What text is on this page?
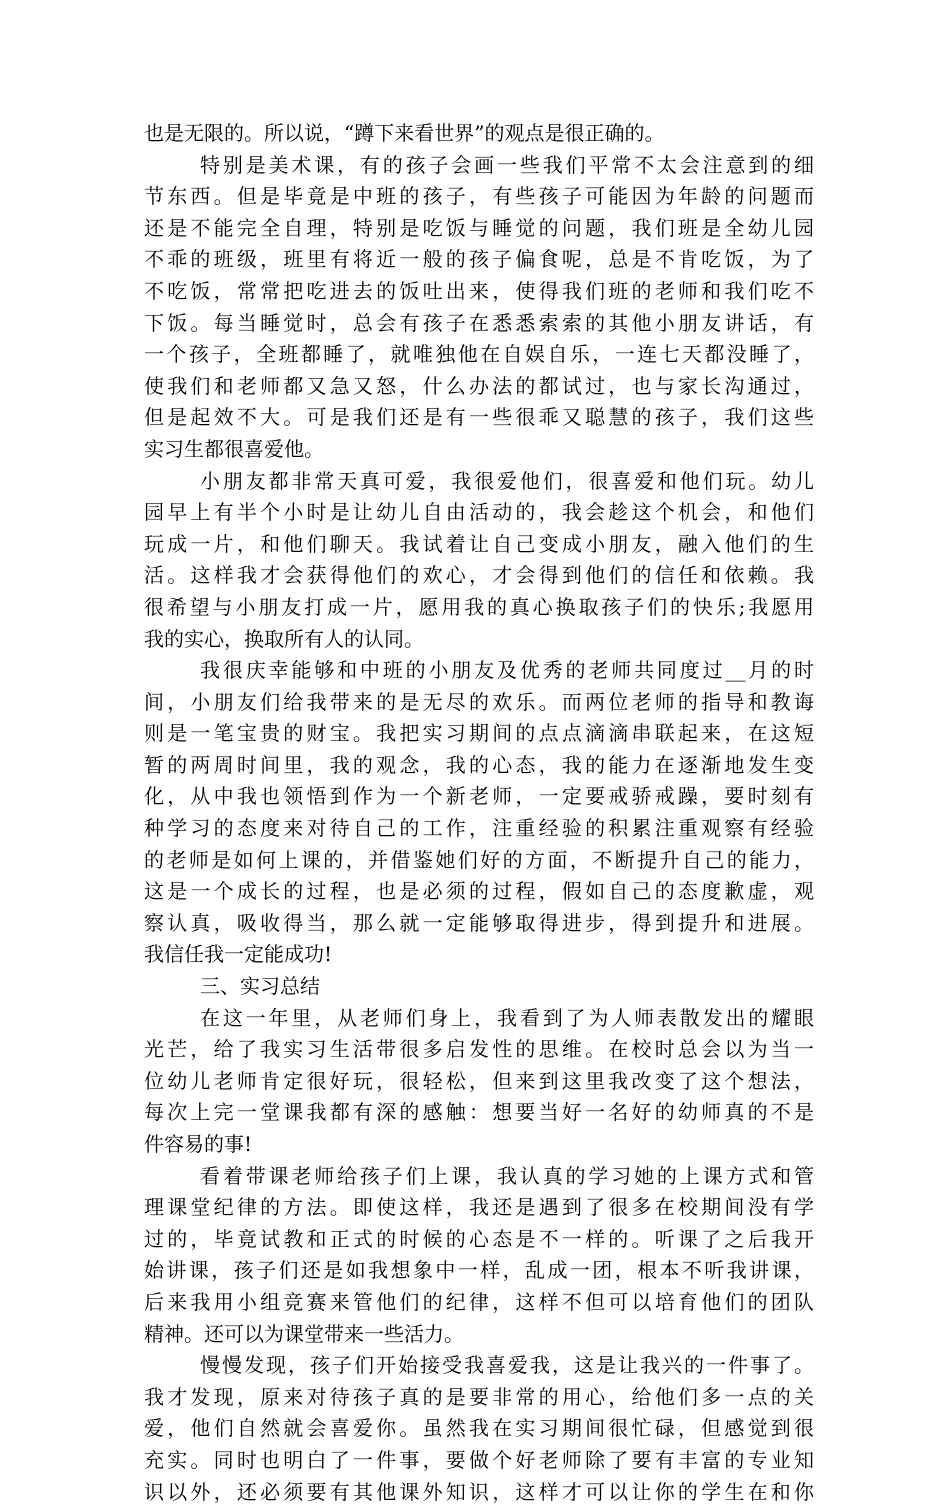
也是无限的。所以说，“蹲下来看世界”的观点是很正确的。
特别是美术课，有的孩子会画一些我们平常不太会注意到的细
节东西。但是毕竟是中班的孩子，有些孩子可能因为年龄的问题而
还是不能完全自理，特别是吃饭与睡觉的问题，我们班是全幼儿园
不乖的班级，班里有将近一般的孩子偏食呢，总是不肯吃饭，为了
不吃饭，常常把吃进去的饭吐出来，使得我们班的老师和我们吃不
下饭。每当睡觉时，总会有孩子在悉悉索索的其他小朋友讲话，有
一个孩子，全班都睡了，就唯独他在自娱自乐，一连七天都没睡了，
使我们和老师都又急又怒，什么办法的都试过，也与家长沟通过，
但是起效不大。可是我们还是有一些很乖又聪慧的孩子，我们这些
实习生都很喜爱他。
小朋友都非常天真可爱，我很爱他们，很喜爱和他们玩。幼儿
园早上有半个小时是让幼儿自由活动的，我会趁这个机会，和他们
玩成一片，和他们聊天。我试着让自己变成小朋友，融入他们的生
活。这样我才会获得他们的欢心，才会得到他们的信任和依赖。我
很希望与小朋友打成一片，愿用我的真心换取孩子们的快乐;我愿用
我的实心，换取所有人的认同。
我很庆幸能够和中班的小朋友及优秀的老师共同度过__月的时
间，小朋友们给我带来的是无尽的欢乐。而两位老师的指导和教诲
则是一笔宝贵的财宝。我把实习期间的点点滴滴串联起来，在这短
暂的两周时间里，我的观念，我的心态，我的能力在逐渐地发生变
化，从中我也领悟到作为一个新老师，一定要戒骄戒躁，要时刻有
种学习的态度来对待自己的工作，注重经验的积累注重观察有经验
的老师是如何上课的，并借鉴她们好的方面，不断提升自己的能力，
这是一个成长的过程，也是必须的过程，假如自己的态度歉虚，观
察认真，吸收得当，那么就一定能够取得进步，得到提升和进展。
我信任我一定能成功!
三、实习总结
在这一年里，从老师们身上，我看到了为人师表散发出的耀眼
光芒，给了我实习生活带很多启发性的思维。在校时总会以为当一
位幼儿老师肯定很好玩，很轻松，但来到这里我改变了这个想法，
每次上完一堂课我都有深的感触：想要当好一名好的幼师真的不是
件容易的事!
看着带课老师给孩子们上课，我认真的学习她的上课方式和管
理课堂纪律的方法。即使这样，我还是遇到了很多在校期间没有学
过的，毕竟试教和正式的时候的心态是不一样的。听课了之后我开
始讲课，孩子们还是如我想象中一样，乱成一团，根本不听我讲课，
后来我用小组竞赛来管他们的纪律，这样不但可以培育他们的团队
精神。还可以为课堂带来一些活力。
慢慢发现，孩子们开始接受我喜爱我，这是让我兴的一件事了。
我才发现，原来对待孩子真的是要非常的用心，给他们多一点的关
爱，他们自然就会喜爱你。虽然我在实习期间很忙碌，但感觉到很
充实。同时也明白了一件事，要做个好老师除了要有丰富的专业知
识以外，还必须要有其他课外知识，这样才可以让你的学生在和你
